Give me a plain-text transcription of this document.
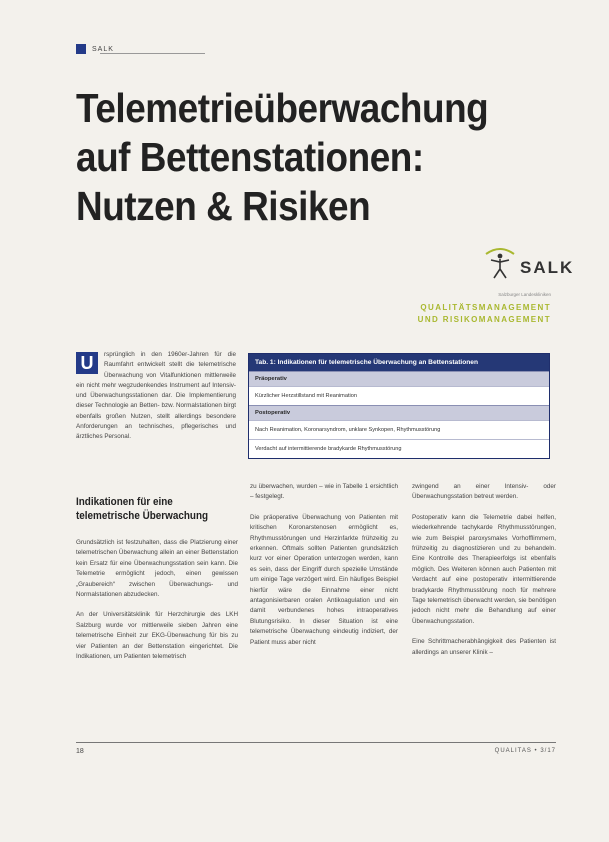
SALK
Telemetrieüberwachung
auf Bettenstationen:
Nutzen & Risiken
SALK
Salzburger Landeskliniken
QUALITÄTSMANAGEMENT
UND RISIKOMANAGEMENT
U	rsprünglich in den 1960er-Jahren für die Raumfahrt entwickelt stellt die telemetrische Überwachung von Vitalfunktionen mittlerweile ein nicht mehr wegzudenkendes Instrument auf Intensiv- und Überwachungsstationen dar. Die Implementierung dieser Technologie an Betten- bzw. Normalstationen birgt ebenfalls großen Nutzen, stellt allerdings besondere Anforderungen an technisches, pflegerisches und ärztliches Personal.
Tab. 1: Indikationen für telemetrische Überwachung an Bettenstationen
Präoperativ
Kürzlicher Herzstillstand mit Reanimation
Postoperativ
Nach Reanimation, Koronarsyndrom, unklare Synkopen, Rhythmusstörung
Verdacht auf intermittierende bradykarde Rhythmusstörung
Indikationen für eine telemetrische Überwachung

Grundsätzlich ist festzuhalten, dass die Platzierung einer telemetrischen Überwachung allein an einer Bettenstation kein Ersatz für eine Überwachungsstation sein kann. Die Telemetrie ermöglicht jedoch, einen gewissen „Graubereich“ zwischen Überwachungs- und Normalstationen abzudecken.

An der Universitätsklinik für Herzchirurgie des LKH Salzburg wurde vor mittlerweile sieben Jahren eine telemetrische Einheit zur EKG-Überwachung für bis zu vier Patienten an der Bettenstation eingerichtet. Die Indikationen, um Patienten telemetrisch

zu überwachen, wurden – wie in Tabelle 1 ersichtlich – festgelegt.

Die präoperative Überwachung von Patienten mit kritischen Koronarstenosen ermöglicht es, Rhythmusstörungen und Herzinfarkte frühzeitig zu erkennen. Oftmals sollten Patienten grundsätzlich kurz vor einer Operation unterzogen werden, kann es sein, dass der Eingriff durch spezielle Umstände um einige Tage verzögert wird. Ein häufiges Beispiel hierfür wäre die Einnahme einer nicht antagonisierbaren oralen Antikoagulation und ein damit verbundenes hohes intraoperatives Blutungsrisiko. In dieser Situation ist eine telemetrische Überwachung eindeutig indiziert, der Patient muss aber nicht

zwingend an einer Intensiv- oder Überwachungsstation betreut werden.

Postoperativ kann die Telemetrie dabei helfen, wiederkehrende tachykarde Rhythmusstörungen, wie zum Beispiel paroxysmales Vorhofflimmern, frühzeitig zu diagnostizieren und zu behandeln. Eine Kontrolle des Therapieerfolgs ist ebenfalls möglich. Des Weiteren können auch Patienten mit Verdacht auf eine postoperativ intermittierende bradykarde Rhythmusstörung noch für mehrere Tage telemetrisch überwacht werden, sie benötigen jedoch nicht mehr die Behandlung auf einer Überwachungsstation.

Eine Schrittmacherabhängigkeit des Patienten ist allerdings an unserer Klinik –

18	QUALITAS • 3/17
